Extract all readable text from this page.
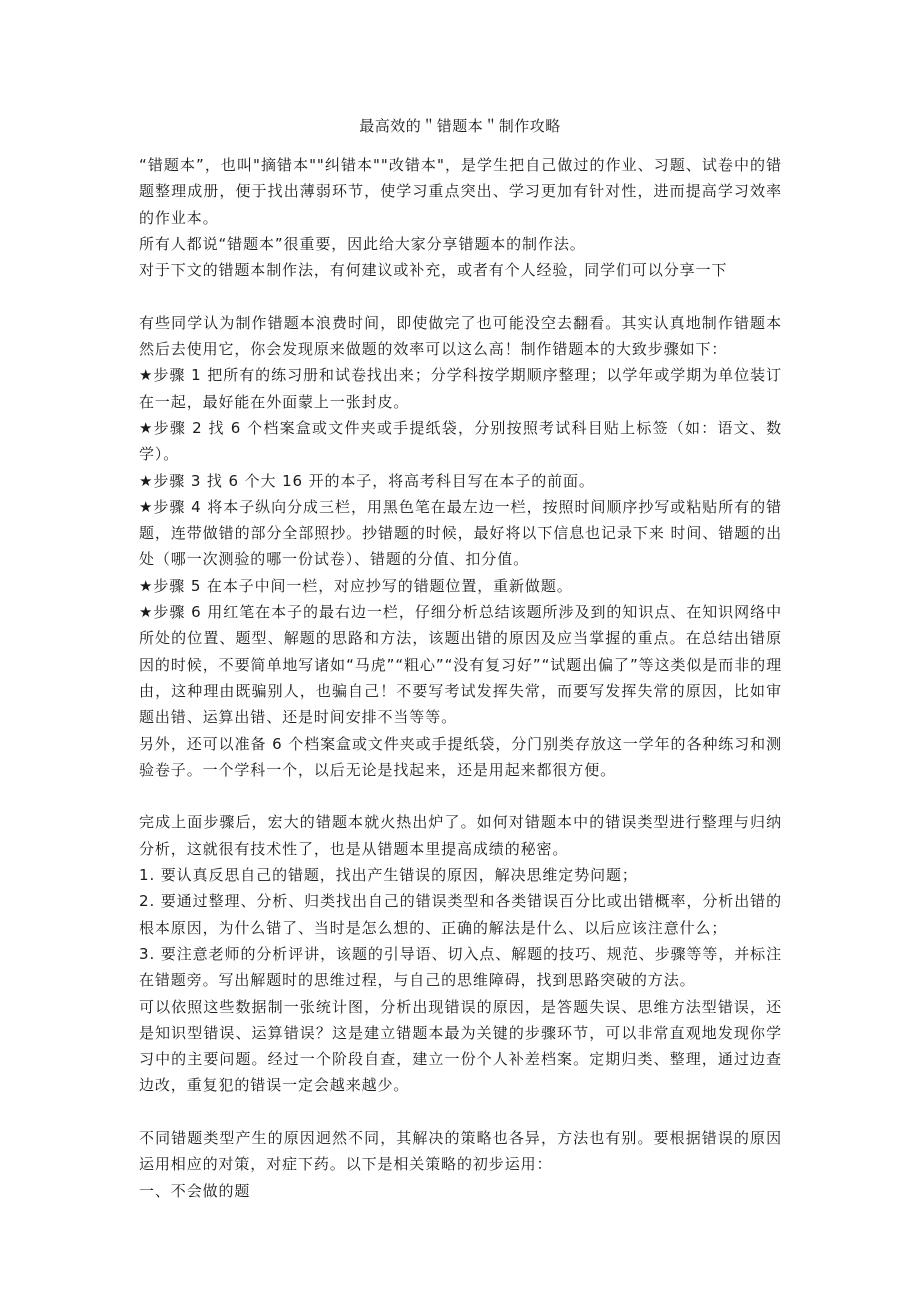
最高效的＂错题本＂制作攻略

“错题本”，也叫"摘错本""纠错本""改错本"，是学生把自己做过的作业、习题、试卷中的错题整理成册，便于找出薄弱环节，使学习重点突出、学习更加有针对性，进而提高学习效率的作业本。

所有人都说“错题本”很重要，因此给大家分享错题本的制作法。

对于下文的错题本制作法，有何建议或补充，或者有个人经验，同学们可以分享一下

有些同学认为制作错题本浪费时间，即使做完了也可能没空去翻看。其实认真地制作错题本然后去使用它，你会发现原来做题的效率可以这么高！制作错题本的大致步骤如下：

★步骤 1 把所有的练习册和试卷找出来；分学科按学期顺序整理；以学年或学期为单位装订在一起，最好能在外面蒙上一张封皮。

★步骤 2 找 6 个档案盒或文件夹或手提纸袋，分别按照考试科目贴上标签（如：语文、数学）。

★步骤 3 找 6 个大 16 开的本子，将高考科目写在本子的前面。

★步骤 4 将本子纵向分成三栏，用黑色笔在最左边一栏，按照时间顺序抄写或粘贴所有的错题，连带做错的部分全部照抄。抄错题的时候，最好将以下信息也记录下来 时间、错题的出处（哪一次测验的哪一份试卷）、错题的分值、扣分值。

★步骤 5 在本子中间一栏，对应抄写的错题位置，重新做题。

★步骤 6 用红笔在本子的最右边一栏，仔细分析总结该题所涉及到的知识点、在知识网络中所处的位置、题型、解题的思路和方法，该题出错的原因及应当掌握的重点。在总结出错原因的时候，不要简单地写诸如“马虎”“粗心”“没有复习好”“试题出偏了”等这类似是而非的理由，这种理由既骗别人，也骗自己！不要写考试发挥失常，而要写发挥失常的原因，比如审题出错、运算出错、还是时间安排不当等等。

另外，还可以准备 6 个档案盒或文件夹或手提纸袋，分门别类存放这一学年的各种练习和测验卷子。一个学科一个，以后无论是找起来，还是用起来都很方便。

完成上面步骤后，宏大的错题本就火热出炉了。如何对错题本中的错误类型进行整理与归纳分析，这就很有技术性了，也是从错题本里提高成绩的秘密。

1. 要认真反思自己的错题，找出产生错误的原因，解决思维定势问题；

2. 要通过整理、分析、归类找出自己的错误类型和各类错误百分比或出错概率，分析出错的根本原因，为什么错了、当时是怎么想的、正确的解法是什么、以后应该注意什么；

3. 要注意老师的分析评讲，该题的引导语、切入点、解题的技巧、规范、步骤等等，并标注在错题旁。写出解题时的思维过程，与自己的思维障碍，找到思路突破的方法。

可以依照这些数据制一张统计图，分析出现错误的原因，是答题失误、思维方法型错误，还是知识型错误、运算错误？这是建立错题本最为关键的步骤环节，可以非常直观地发现你学习中的主要问题。经过一个阶段自查，建立一份个人补差档案。定期归类、整理，通过边查边改，重复犯的错误一定会越来越少。

不同错题类型产生的原因迥然不同，其解决的策略也各异，方法也有别。要根据错误的原因运用相应的对策，对症下药。以下是相关策略的初步运用：

一、不会做的题
